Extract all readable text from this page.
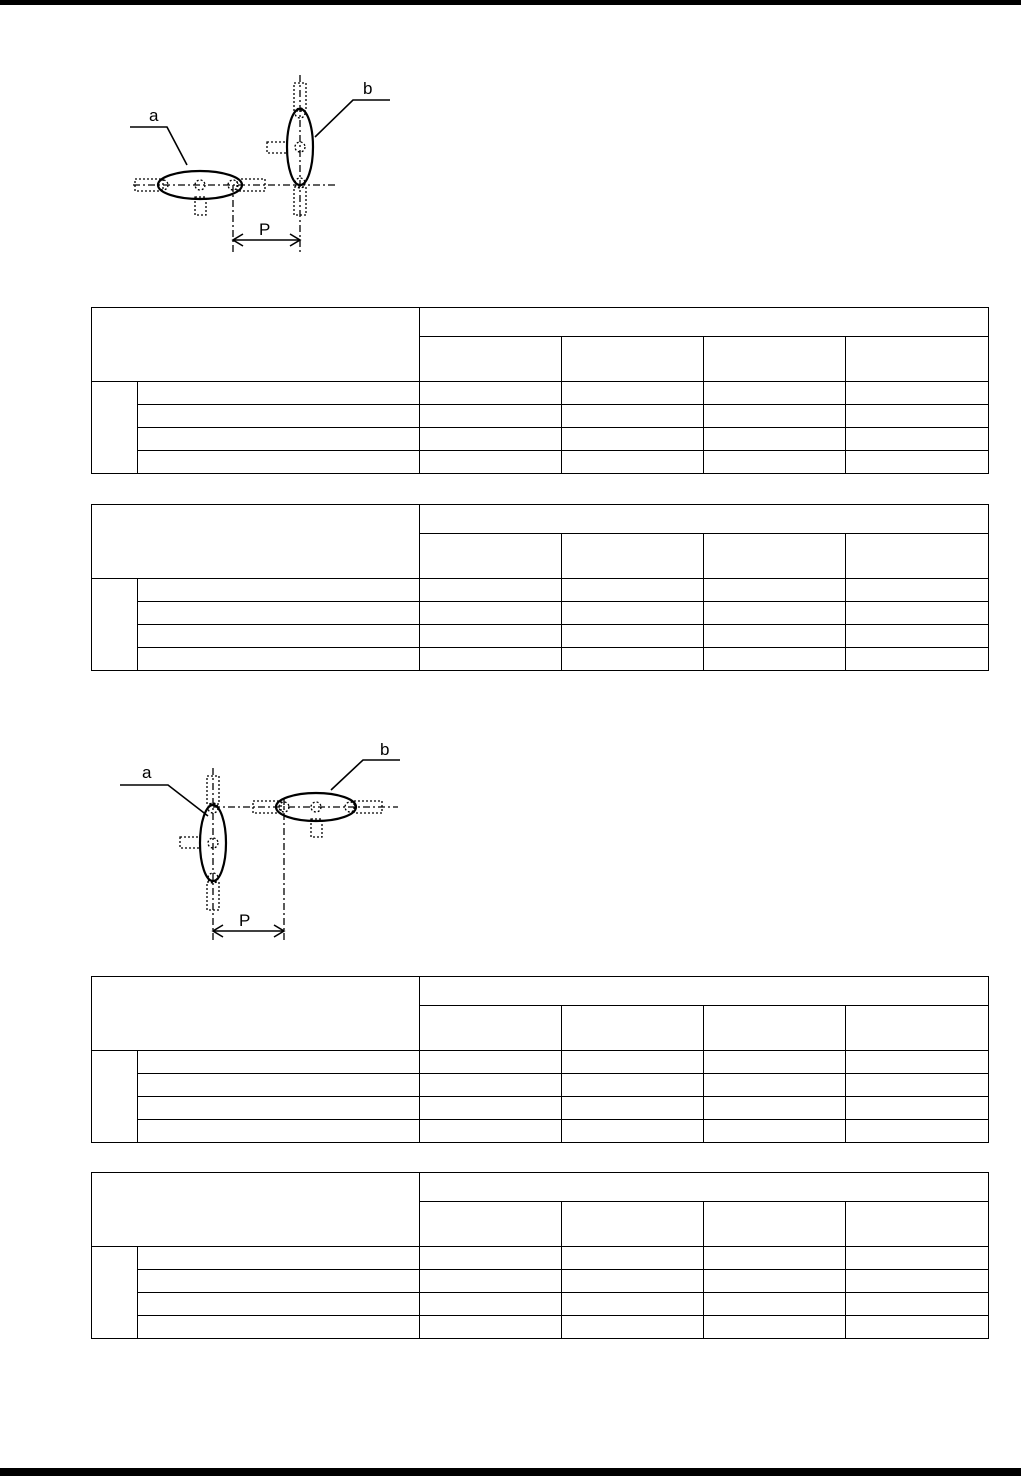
a
b
P

a
b
P
